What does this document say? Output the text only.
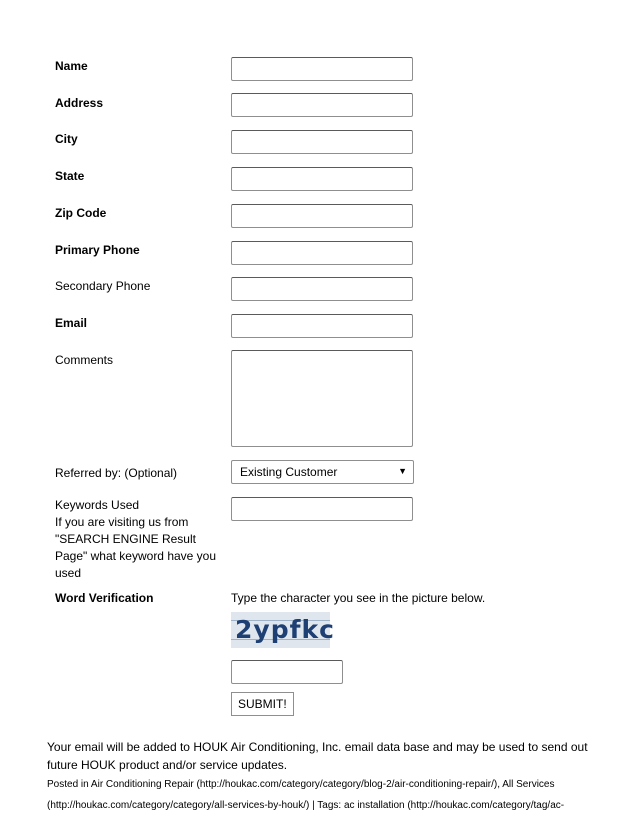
Name
Address
City
State
Zip Code
Primary Phone
Secondary Phone
Email
Comments
Referred by: (Optional)	Existing Customer	▼
Keywords Used
If you are visiting us from
"SEARCH ENGINE Result
Page" what keyword have you
used
Word Verification	Type the character you see in the picture below.
2ypfkc
SUBMIT!
Your email will be added to HOUK Air Conditioning, Inc. email data base and may be used to send out future HOUK product and/or service updates.
Posted in Air Conditioning Repair (http://houkac.com/category/category/blog-2/air-conditioning-repair/), All Services
(http://houkac.com/category/category/all-services-by-houk/) | Tags: ac installation (http://houkac.com/category/tag/ac-
